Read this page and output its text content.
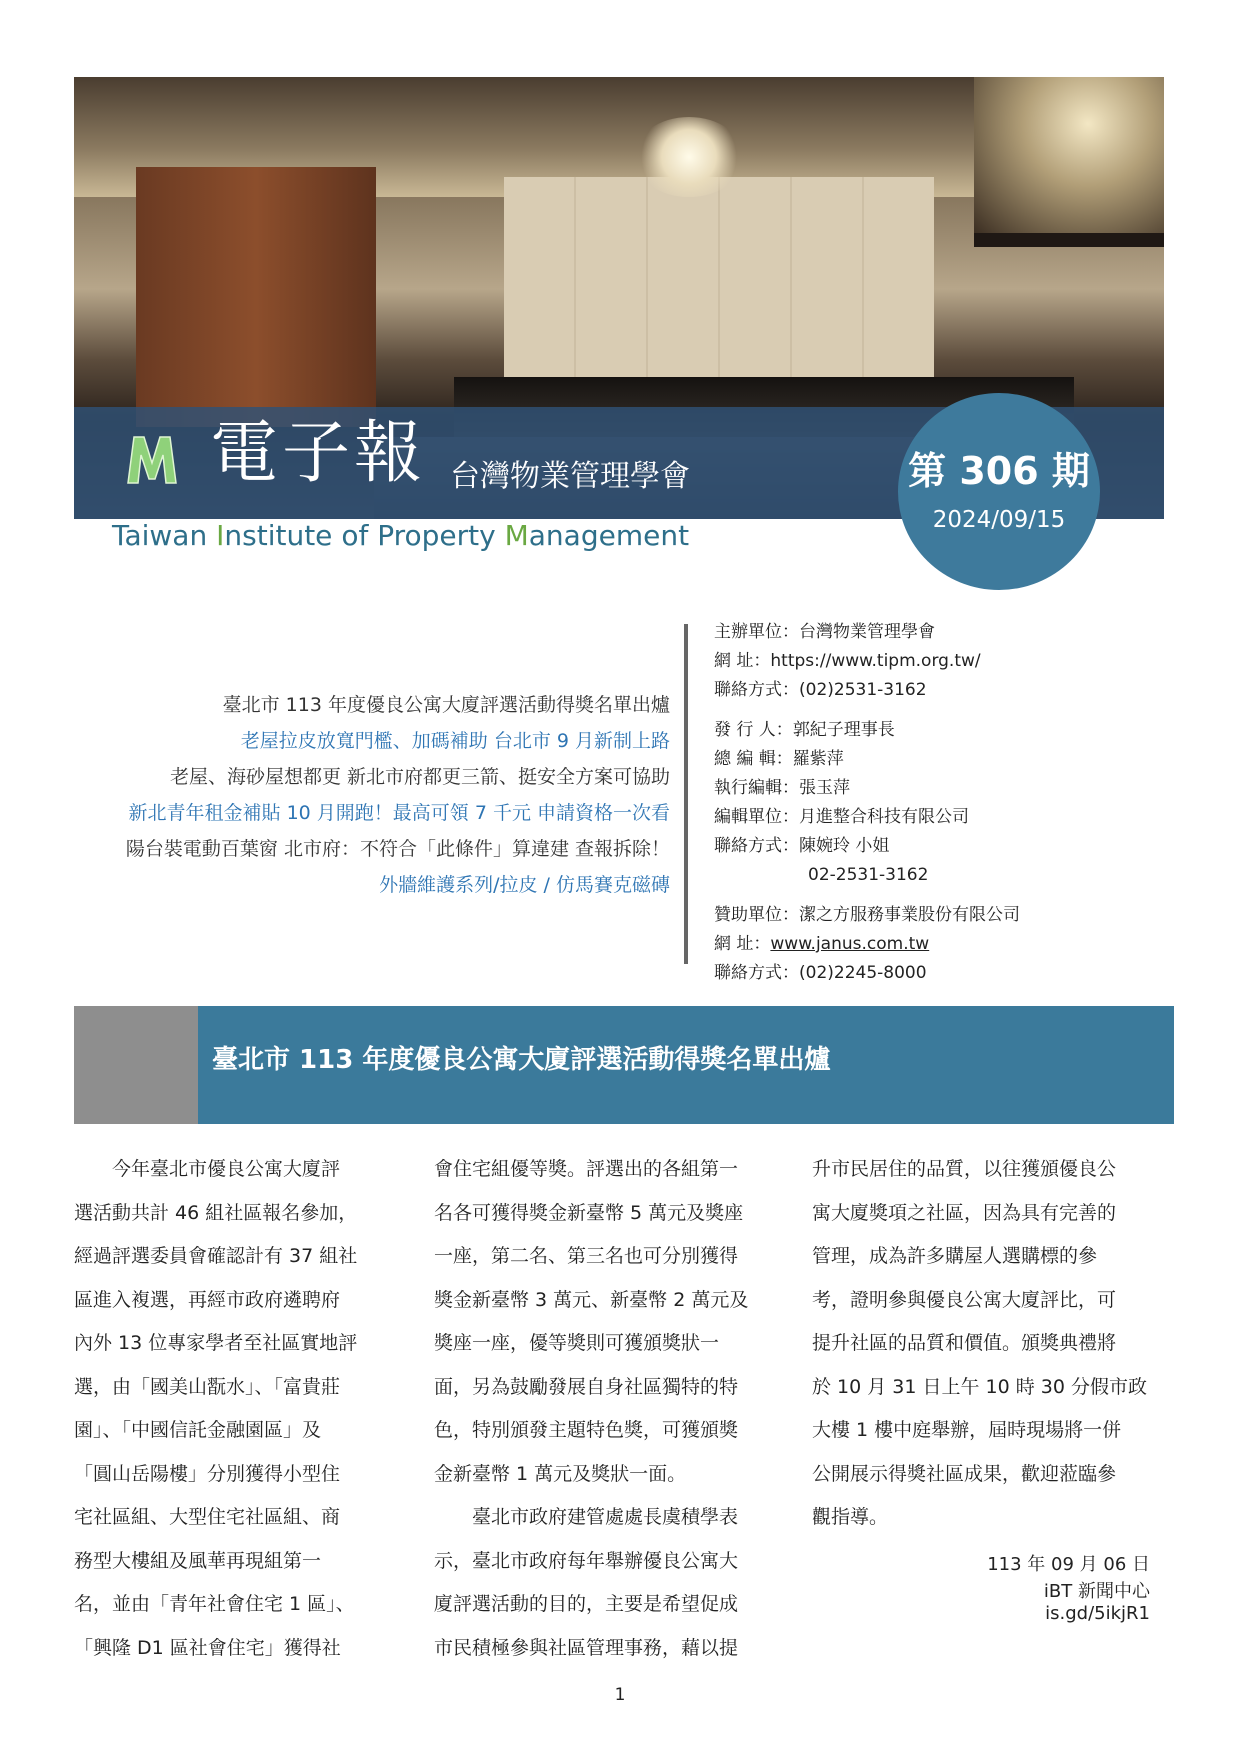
電子報 台灣物業管理學會
Taiwan Institute of Property Management
第 306 期
2024/09/15
臺北市 113 年度優良公寓大廈評選活動得獎名單出爐
老屋拉皮放寬門檻、加碼補助 台北市 9 月新制上路
老屋、海砂屋想都更 新北市府都更三箭、挺安全方案可協助
新北青年租金補貼 10 月開跑！最高可領 7 千元 申請資格一次看
陽台裝電動百葉窗 北市府：不符合「此條件」算違建 查報拆除！
外牆維護系列/拉皮 / 仿馬賽克磁磚
主辦單位：台灣物業管理學會
網 址：https://www.tipm.org.tw/
聯絡方式：(02)2531-3162
發 行 人：郭紀子理事長
總 編 輯：羅紫萍
執行編輯：張玉萍
編輯單位：月進整合科技有限公司
聯絡方式：陳婉玲 小姐
02-2531-3162
贊助單位：潔之方服務事業股份有限公司
網 址：www.janus.com.tw
聯絡方式：(02)2245-8000
臺北市 113 年度優良公寓大廈評選活動得獎名單出爐

　　今年臺北市優良公寓大廈評

選活動共計 46 組社區報名參加，

經過評選委員會確認計有 37 組社

區進入複選，再經市政府遴聘府

內外 13 位專家學者至社區實地評

選，由「國美山翫水」、「富貴莊

園」、「中國信託金融園區」及

「圓山岳陽樓」分別獲得小型住

宅社區組、大型住宅社區組、商

務型大樓組及風華再現組第一

名，並由「青年社會住宅 1 區」、

「興隆 D1 區社會住宅」獲得社

會住宅組優等獎。評選出的各組第一

名各可獲得獎金新臺幣 5 萬元及獎座

一座，第二名、第三名也可分別獲得

獎金新臺幣 3 萬元、新臺幣 2 萬元及

獎座一座，優等獎則可獲頒獎狀一

面，另為鼓勵發展自身社區獨特的特

色，特別頒發主題特色獎，可獲頒獎

金新臺幣 1 萬元及獎狀一面。

　　臺北市政府建管處處長虞積學表

示，臺北市政府每年舉辦優良公寓大

廈評選活動的目的，主要是希望促成

市民積極參與社區管理事務，藉以提

升市民居住的品質，以往獲頒優良公

寓大廈獎項之社區，因為具有完善的

管理，成為許多購屋人選購標的參

考，證明參與優良公寓大廈評比，可

提升社區的品質和價值。頒獎典禮將

於 10 月 31 日上午 10 時 30 分假市政

大樓 1 樓中庭舉辦，屆時現場將一併

公開展示得獎社區成果，歡迎蒞臨參

觀指導。

113 年 09 月 06 日
iBT 新聞中心
is.gd/5ikjR1
1
